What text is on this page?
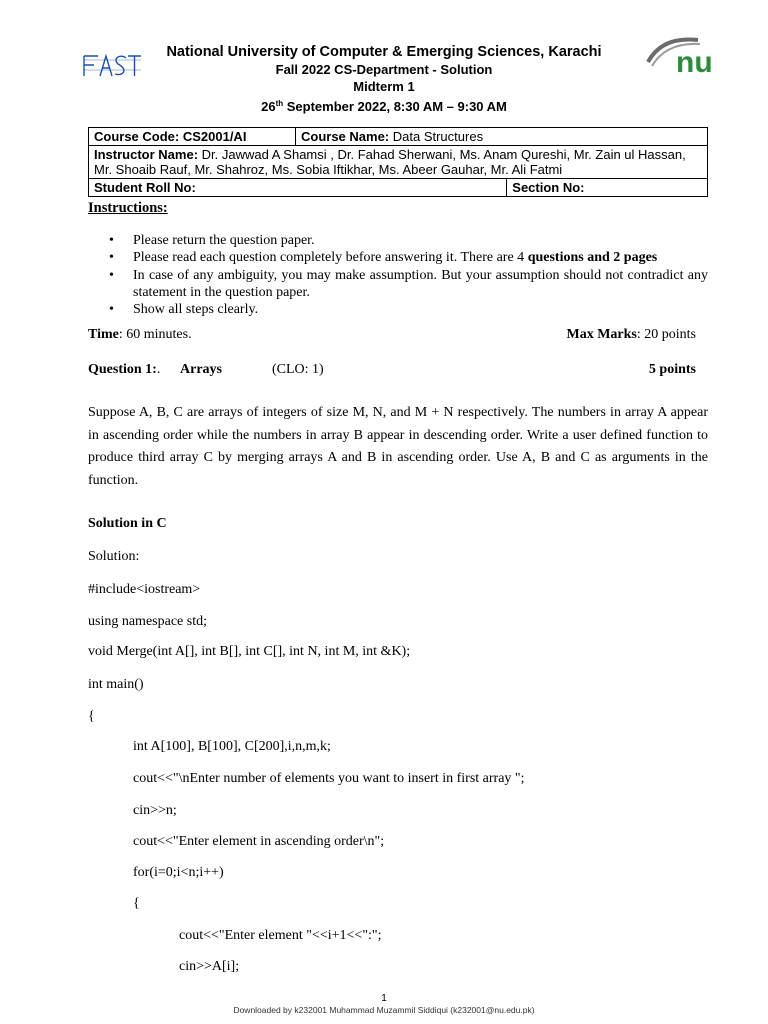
nu
National University of Computer & Emerging Sciences, Karachi
Fall 2022 CS-Department - Solution
Midterm 1
26th September 2022, 8:30 AM – 9:30 AM
Course Code: CS2001/AI	Course Name: Data Structures	
Instructor Name: Dr. Jawwad A Shamsi , Dr. Fahad Sherwani, Ms. Anam Qureshi, Mr. Zain ul Hassan, Mr. Shoaib Rauf, Mr. Shahroz, Ms. Sobia Iftikhar, Ms. Abeer Gauhar, Mr. Ali Fatmi		
Student Roll No:		Section No:
Instructions:
• Please return the question paper.
• Please read each question completely before answering it. There are 4 questions and 2 pages
• In case of any ambiguity, you may make assumption. But your assumption should not contradict any statement in the question paper.
• Show all steps clearly.
Time: 60 minutes.	Max Marks: 20 points
Question 1:. Arrays	(CLO: 1)	5 points
Suppose A, B, C are arrays of integers of size M, N, and M + N respectively. The numbers in array A appear in ascending order while the numbers in array B appear in descending order. Write a user defined function to produce third array C by merging arrays A and B in ascending order. Use A, B and C as arguments in the function.
Solution in C
Solution:
#include<iostream>
using namespace std;
void Merge(int A[], int B[], int C[], int N, int M, int &K);
int main()
{
int A[100], B[100], C[200],i,n,m,k;
cout<<"\nEnter number of elements you want to insert in first array ";
cin>>n;
cout<<"Enter element in ascending order\n";
for(i=0;i<n;i++)
{
cout<<"Enter element "<<i+1<<":";
cin>>A[i];
1
Downloaded by k232001 Muhammad Muzammil Siddiqui (k232001@nu.edu.pk)
